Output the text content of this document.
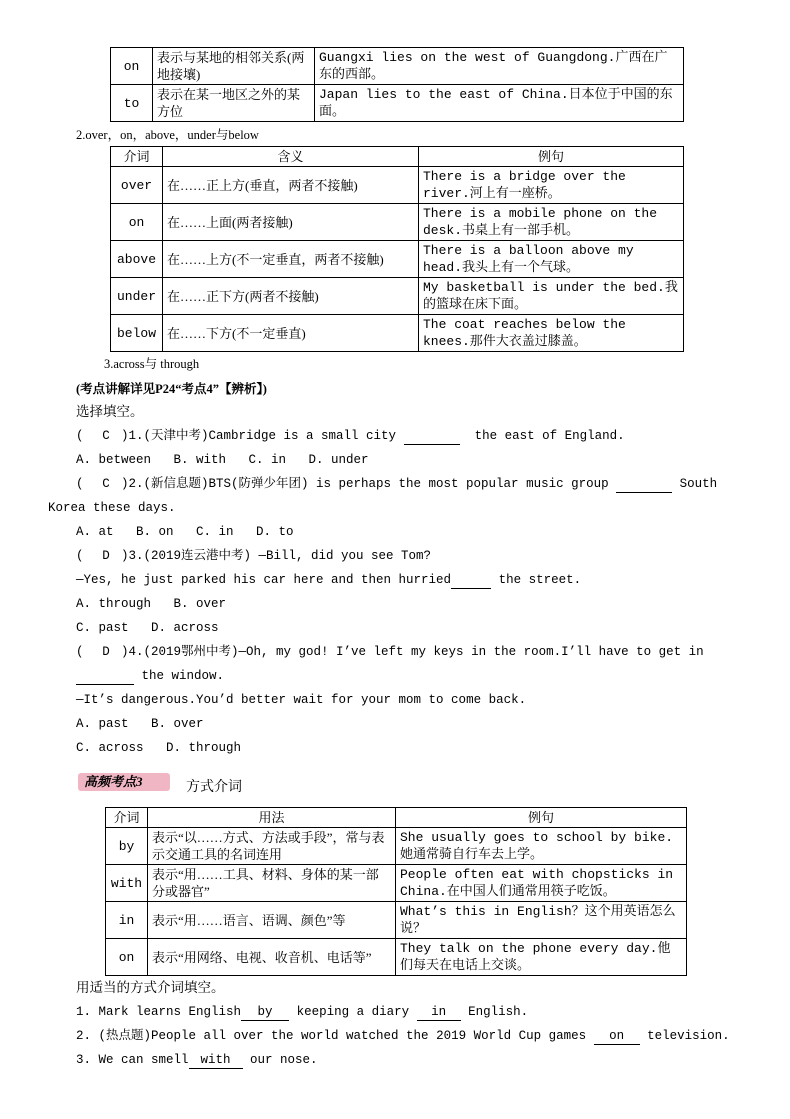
on	表示与某地的相邻关系(两地接壤)	Guangxi lies on the west of Guangdong.广西在广东的西部。
to	表示在某一地区之外的某方位	Japan lies to the east of China.日本位于中国的东面。
2.over，on，above，under与below
介词	含义	例句
over	在……正上方(垂直，两者不接触)	There is a bridge over the river.河上有一座桥。
on	在……上面(两者接触)	There is a mobile phone on the desk.书桌上有一部手机。
above	在……上方(不一定垂直，两者不接触)	There is a balloon above my head.我头上有一个气球。
under	在……正下方(两者不接触)	My basketball is under the bed.我的篮球在床下面。
below	在……下方(不一定垂直)	The coat reaches below the knees.那件大衣盖过膝盖。
3.across与 through
(考点讲解详见P24“考点4”【辨析】)
选择填空。
( C )1.(天津中考)Cambridge is a small city	the east of England.
A. between   B. with   C. in   D. under
( C )2.(新信息题)BTS(防弹少年团) is perhaps the most popular music group	South
Korea these days.
A. at   B. on   C. in   D. to
( D )3.(2019连云港中考) —Bill, did you see Tom?
—Yes, he just parked his car here and then hurried	the street.
A. through   B. over
C. past   D. across
( D )4.(2019鄂州中考)—Oh, my god! I’ve left my keys in the room.I’ll have to get in
the window.
—It’s dangerous.You’d better wait for your mom to come back.
A. past   B. over
C. across   D. through
高频考点3	方式介词
介词	用法	例句
by	表示“以……方式、方法或手段”，常与表示交通工具的名词连用	She usually goes to school by bike.她通常骑自行车去上学。
with	表示“用……工具、材料、身体的某一部分或器官”	People often eat with chopsticks in China.在中国人们通常用筷子吃饭。
in	表示“用……语言、语调、颜色”等	What’s this in English？这个用英语怎么说？
on	表示“用网络、电视、收音机、电话等”	They talk on the phone every day.他们每天在电话上交谈。
用适当的方式介词填空。
1. Mark learns English by keeping a diary in English.
2. (热点题)People all over the world watched the 2019 World Cup games on television.
3. We can smell with our nose.
